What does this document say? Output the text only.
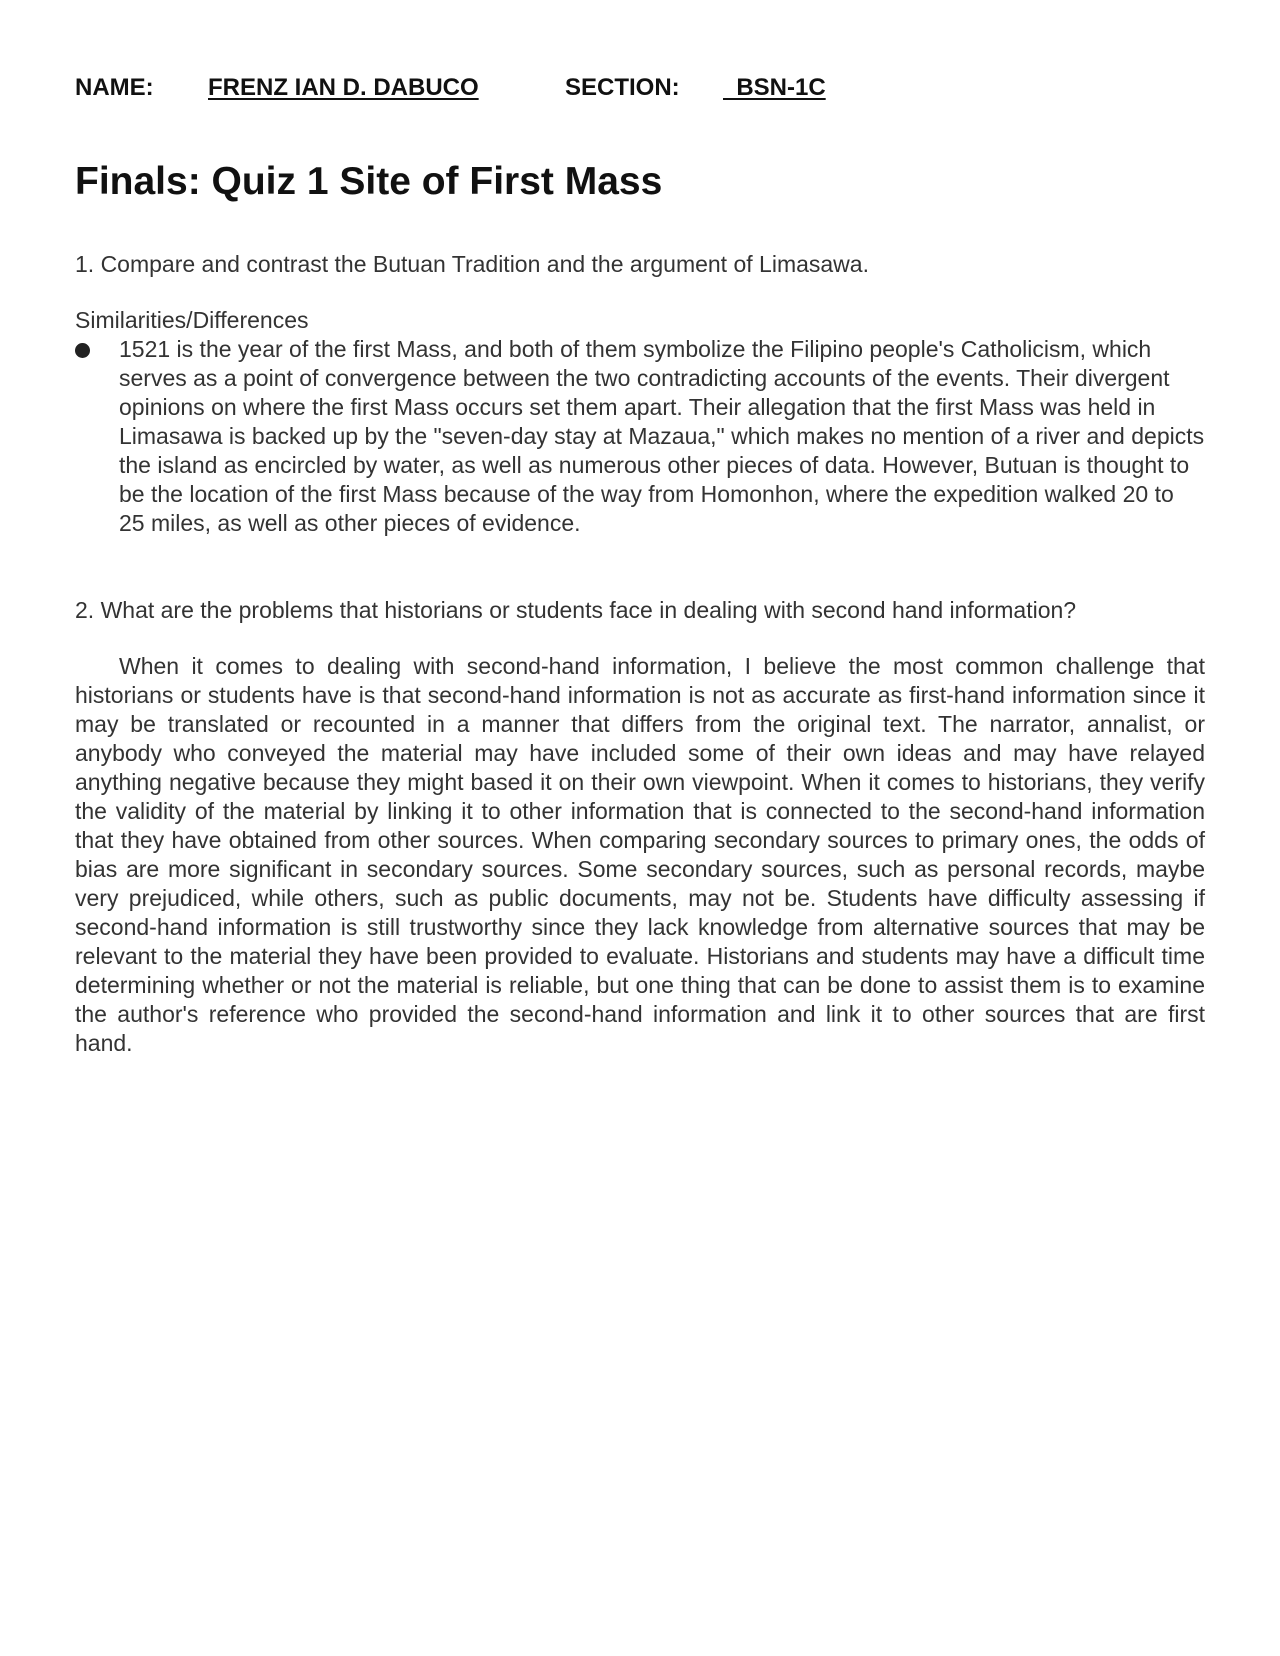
NAME: FRENZ IAN D. DABUCO	SECTION: BSN-1C
Finals: Quiz 1 Site of First Mass
1. Compare and contrast the Butuan Tradition and the argument of Limasawa.
Similarities/Differences
1521 is the year of the first Mass, and both of them symbolize the Filipino people's Catholicism, which serves as a point of convergence between the two contradicting accounts of the events. Their divergent opinions on where the first Mass occurs set them apart. Their allegation that the first Mass was held in Limasawa is backed up by the "seven-day stay at Mazaua," which makes no mention of a river and depicts the island as encircled by water, as well as numerous other pieces of data. However, Butuan is thought to be the location of the first Mass because of the way from Homonhon, where the expedition walked 20 to 25 miles, as well as other pieces of evidence.
2. What are the problems that historians or students face in dealing with second hand information?

When it comes to dealing with second-hand information, I believe the most common challenge that historians or students have is that second-hand information is not as accurate as first-hand information since it may be translated or recounted in a manner that differs from the original text. The narrator, annalist, or anybody who conveyed the material may have included some of their own ideas and may have relayed anything negative because they might based it on their own viewpoint. When it comes to historians, they verify the validity of the material by linking it to other information that is connected to the second-hand information that they have obtained from other sources. When comparing secondary sources to primary ones, the odds of bias are more significant in secondary sources. Some secondary sources, such as personal records, maybe very prejudiced, while others, such as public documents, may not be. Students have difficulty assessing if second-hand information is still trustworthy since they lack knowledge from alternative sources that may be relevant to the material they have been provided to evaluate. Historians and students may have a difficult time determining whether or not the material is reliable, but one thing that can be done to assist them is to examine the author's reference who provided the second-hand information and link it to other sources that are first hand.
